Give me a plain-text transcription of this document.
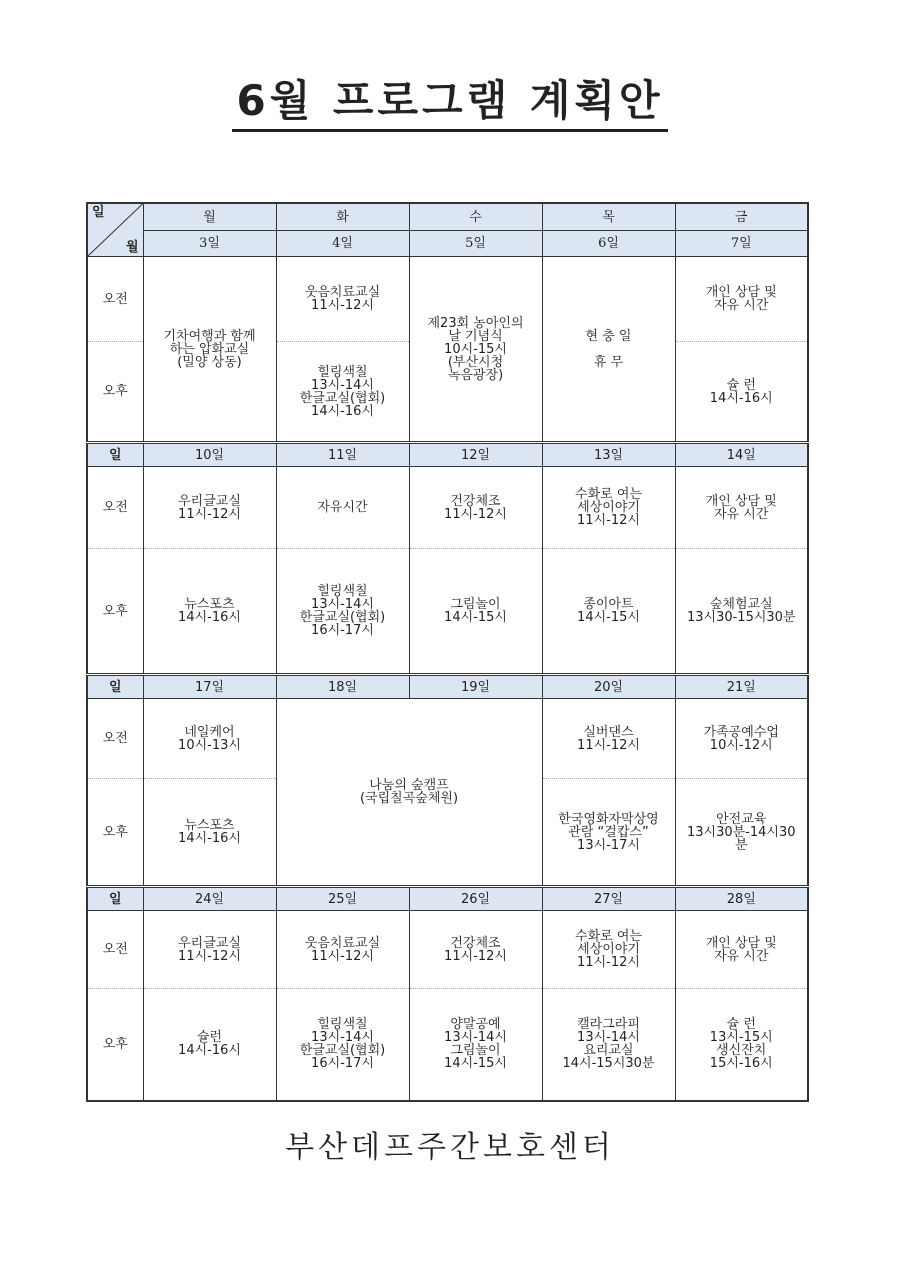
6월 프로그램 계획안

일

월	월	화	수	목	금
	3일	4일	5일	6일	7일
오전	기차여행과 함께
하는 압화교실
(밀양 상동)	웃음치료교실
11시-12시	제23회 농아인의
날 기념식
10시-15시
(부산시청
녹음광장)	현 충 일

휴 무	개인 상담 및
자유 시간
오후		힐링색칠
13시-14시
한글교실(협회)
14시-16시			슐 런
14시-16시
일	10일	11일	12일	13일	14일
오전	우리글교실
11시-12시	자유시간	건강체조
11시-12시	수화로 여는
세상이야기
11시-12시	개인 상담 및
자유 시간
오후	뉴스포츠
14시-16시	힐링색칠
13시-14시
한글교실(협회)
16시-17시	그림놀이
14시-15시	종이아트
14시-15시	숲체험교실
13시30-15시30분
일	17일	18일	19일	20일	21일
오전	네일케어
10시-13시	나눔의 숲캠프
(국립칠곡숲체원)		실버댄스
11시-12시	가족공예수업
10시-12시
오후	뉴스포츠
14시-16시			한국영화자막상영
관람 “걸캅스”
13시-17시	안전교육
13시30분-14시30
분
일	24일	25일	26일	27일	28일
오전	우리글교실
11시-12시	웃음치료교실
11시-12시	건강체조
11시-12시	수화로 여는
세상이야기
11시-12시	개인 상담 및
자유 시간
오후	슐런
14시-16시	힐링색칠
13시-14시
한글교실(협회)
16시-17시	양말공예
13시-14시
그림놀이
14시-15시	캘라그라피
13시-14시
요리교실
14시-15시30분	슐 런
13시-15시
생신잔치
15시-16시
부산데프주간보호센터
